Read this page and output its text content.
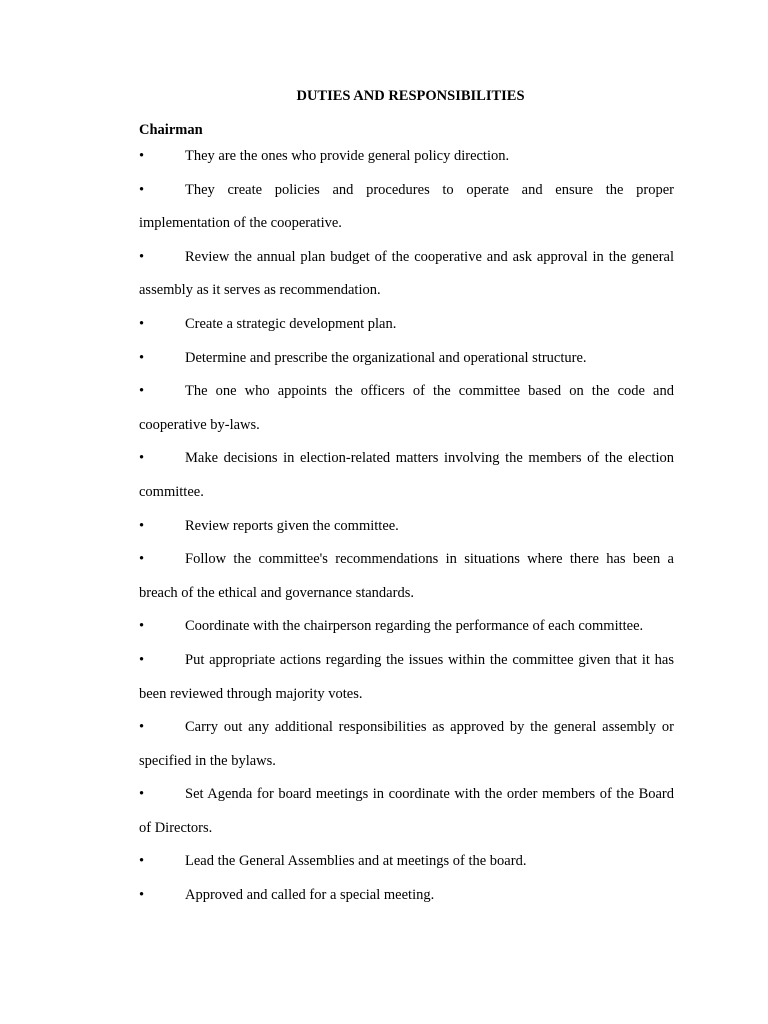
DUTIES AND RESPONSIBILITIES
Chairman
•	They are the ones who provide general policy direction.
•	They create policies and procedures to operate and ensure the proper implementation of the cooperative.
•	Review the annual plan budget of the cooperative and ask approval in the general assembly as it serves as recommendation.
•	Create a strategic development plan.
•	Determine and prescribe the organizational and operational structure.
•	The one who appoints the officers of the committee based on the code and cooperative by-laws.
•	Make decisions in election-related matters involving the members of the election committee.
•	Review reports given the committee.
•	Follow the committee's recommendations in situations where there has been a breach of the ethical and governance standards.
•	Coordinate with the chairperson regarding the performance of each committee.
•	Put appropriate actions regarding the issues within the committee given that it has been reviewed through majority votes.
•	Carry out any additional responsibilities as approved by the general assembly or specified in the bylaws.
•	Set Agenda for board meetings in coordinate with the order members of the Board of Directors.
•	Lead the General Assemblies and at meetings of the board.
•	Approved and called for a special meeting.
